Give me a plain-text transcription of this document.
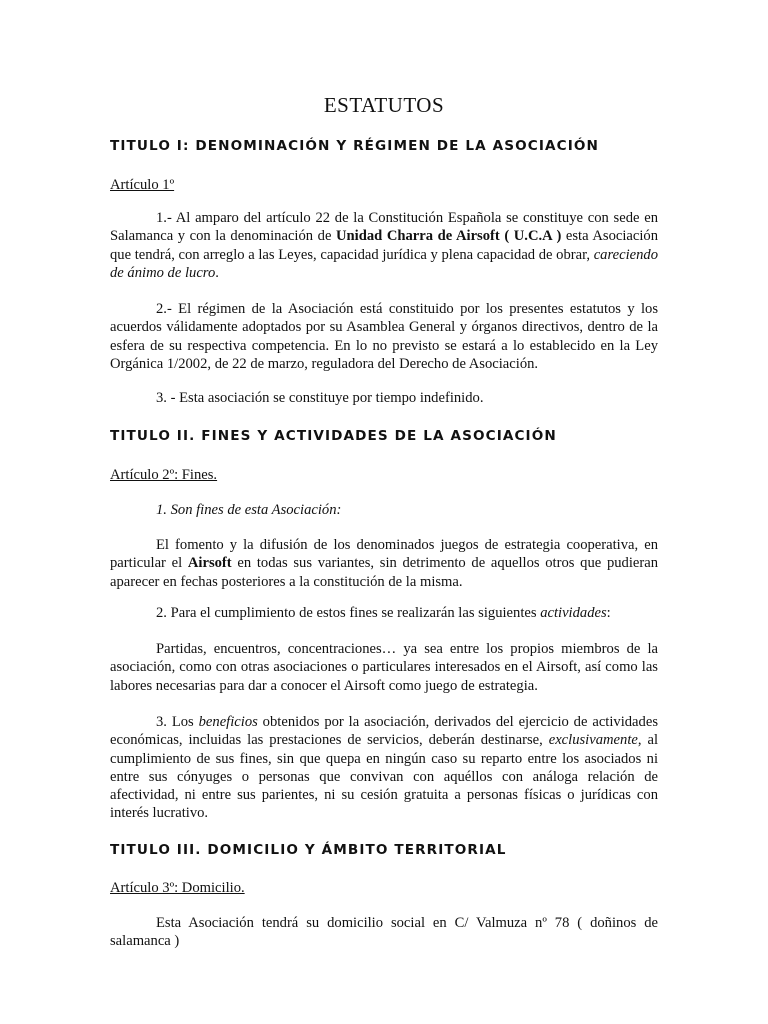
ESTATUTOS
TITULO I: DENOMINACIÓN Y RÉGIMEN DE LA ASOCIACIÓN
Artículo 1º

1.- Al amparo del artículo 22 de la Constitución Española se constituye con sede en Salamanca y con la denominación de Unidad Charra de Airsoft ( U.C.A ) esta Asociación que tendrá, con arreglo a las Leyes, capacidad jurídica y plena capacidad de obrar, careciendo de ánimo de lucro.

2.- El régimen de la Asociación está constituido por los presentes estatutos y los acuerdos válidamente adoptados por su Asamblea General y órganos directivos, dentro de la esfera de su respectiva competencia. En lo no previsto se estará a lo establecido en la Ley Orgánica 1/2002, de 22 de marzo, reguladora del Derecho de Asociación.

3. - Esta asociación se constituye por tiempo indefinido.

TITULO II. FINES Y ACTIVIDADES DE LA ASOCIACIÓN
Artículo 2º: Fines.

1. Son fines de esta Asociación:

El fomento y la difusión de los denominados juegos de estrategia cooperativa, en particular el Airsoft en todas sus variantes, sin detrimento de aquellos otros que pudieran aparecer en fechas posteriores a la constitución de la misma.

2. Para el cumplimiento de estos fines se realizarán las siguientes actividades:

Partidas, encuentros, concentraciones… ya sea entre los propios miembros de la asociación, como con otras asociaciones o particulares interesados en el Airsoft, así como las labores necesarias para dar a conocer el Airsoft como juego de estrategia.

3. Los beneficios obtenidos por la asociación, derivados del ejercicio de actividades económicas, incluidas las prestaciones de servicios, deberán destinarse, exclusivamente, al cumplimiento de sus fines, sin que quepa en ningún caso su reparto entre los asociados ni entre sus cónyuges o personas que convivan con aquéllos con análoga relación de afectividad, ni entre sus parientes, ni su cesión gratuita a personas físicas o jurídicas con interés lucrativo.

TITULO III. DOMICILIO Y ÁMBITO TERRITORIAL
Artículo 3º: Domicilio.

Esta Asociación tendrá su domicilio social en C/ Valmuza nº 78 ( doñinos de salamanca )
